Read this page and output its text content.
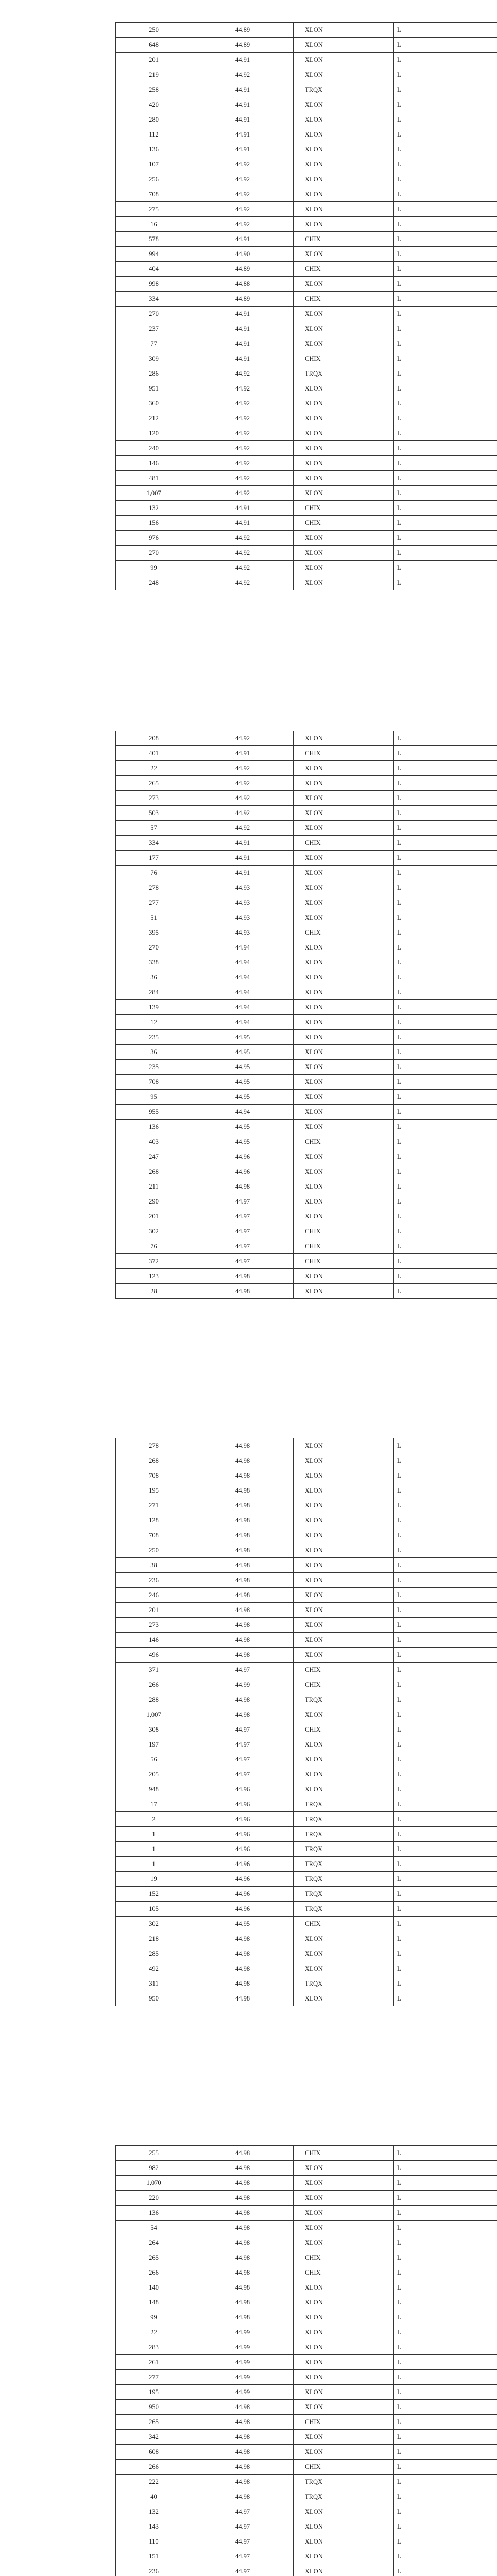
250	44.89	XLON	L
648	44.89	XLON	L
201	44.91	XLON	L
219	44.92	XLON	L
258	44.91	TRQX	L
420	44.91	XLON	L
280	44.91	XLON	L
112	44.91	XLON	L
136	44.91	XLON	L
107	44.92	XLON	L
256	44.92	XLON	L
708	44.92	XLON	L
275	44.92	XLON	L
16	44.92	XLON	L
578	44.91	CHIX	L
994	44.90	XLON	L
404	44.89	CHIX	L
998	44.88	XLON	L
334	44.89	CHIX	L
270	44.91	XLON	L
237	44.91	XLON	L
77	44.91	XLON	L
309	44.91	CHIX	L
286	44.92	TRQX	L
951	44.92	XLON	L
360	44.92	XLON	L
212	44.92	XLON	L
120	44.92	XLON	L
240	44.92	XLON	L
146	44.92	XLON	L
481	44.92	XLON	L
1,007	44.92	XLON	L
132	44.91	CHIX	L
156	44.91	CHIX	L
976	44.92	XLON	L
270	44.92	XLON	L
99	44.92	XLON	L
248	44.92	XLON	L
208	44.92	XLON	L
401	44.91	CHIX	L
22	44.92	XLON	L
265	44.92	XLON	L
273	44.92	XLON	L
503	44.92	XLON	L
57	44.92	XLON	L
334	44.91	CHIX	L
177	44.91	XLON	L
76	44.91	XLON	L
278	44.93	XLON	L
277	44.93	XLON	L
51	44.93	XLON	L
395	44.93	CHIX	L
270	44.94	XLON	L
338	44.94	XLON	L
36	44.94	XLON	L
284	44.94	XLON	L
139	44.94	XLON	L
12	44.94	XLON	L
235	44.95	XLON	L
36	44.95	XLON	L
235	44.95	XLON	L
708	44.95	XLON	L
95	44.95	XLON	L
955	44.94	XLON	L
136	44.95	XLON	L
403	44.95	CHIX	L
247	44.96	XLON	L
268	44.96	XLON	L
211	44.98	XLON	L
290	44.97	XLON	L
201	44.97	XLON	L
302	44.97	CHIX	L
76	44.97	CHIX	L
372	44.97	CHIX	L
123	44.98	XLON	L
28	44.98	XLON	L
278	44.98	XLON	L
268	44.98	XLON	L
708	44.98	XLON	L
195	44.98	XLON	L
271	44.98	XLON	L
128	44.98	XLON	L
708	44.98	XLON	L
250	44.98	XLON	L
38	44.98	XLON	L
236	44.98	XLON	L
246	44.98	XLON	L
201	44.98	XLON	L
273	44.98	XLON	L
146	44.98	XLON	L
496	44.98	XLON	L
371	44.97	CHIX	L
266	44.99	CHIX	L
288	44.98	TRQX	L
1,007	44.98	XLON	L
308	44.97	CHIX	L
197	44.97	XLON	L
56	44.97	XLON	L
205	44.97	XLON	L
948	44.96	XLON	L
17	44.96	TRQX	L
2	44.96	TRQX	L
1	44.96	TRQX	L
1	44.96	TRQX	L
1	44.96	TRQX	L
19	44.96	TRQX	L
152	44.96	TRQX	L
105	44.96	TRQX	L
302	44.95	CHIX	L
218	44.98	XLON	L
285	44.98	XLON	L
492	44.98	XLON	L
311	44.98	TRQX	L
950	44.98	XLON	L
255	44.98	CHIX	L
982	44.98	XLON	L
1,070	44.98	XLON	L
220	44.98	XLON	L
136	44.98	XLON	L
54	44.98	XLON	L
264	44.98	XLON	L
265	44.98	CHIX	L
266	44.98	CHIX	L
140	44.98	XLON	L
148	44.98	XLON	L
99	44.98	XLON	L
22	44.99	XLON	L
283	44.99	XLON	L
261	44.99	XLON	L
277	44.99	XLON	L
195	44.99	XLON	L
950	44.98	XLON	L
265	44.98	CHIX	L
342	44.98	XLON	L
608	44.98	XLON	L
266	44.98	CHIX	L
222	44.98	TRQX	L
40	44.98	TRQX	L
132	44.97	XLON	L
143	44.97	XLON	L
110	44.97	XLON	L
151	44.97	XLON	L
236	44.97	XLON	L
